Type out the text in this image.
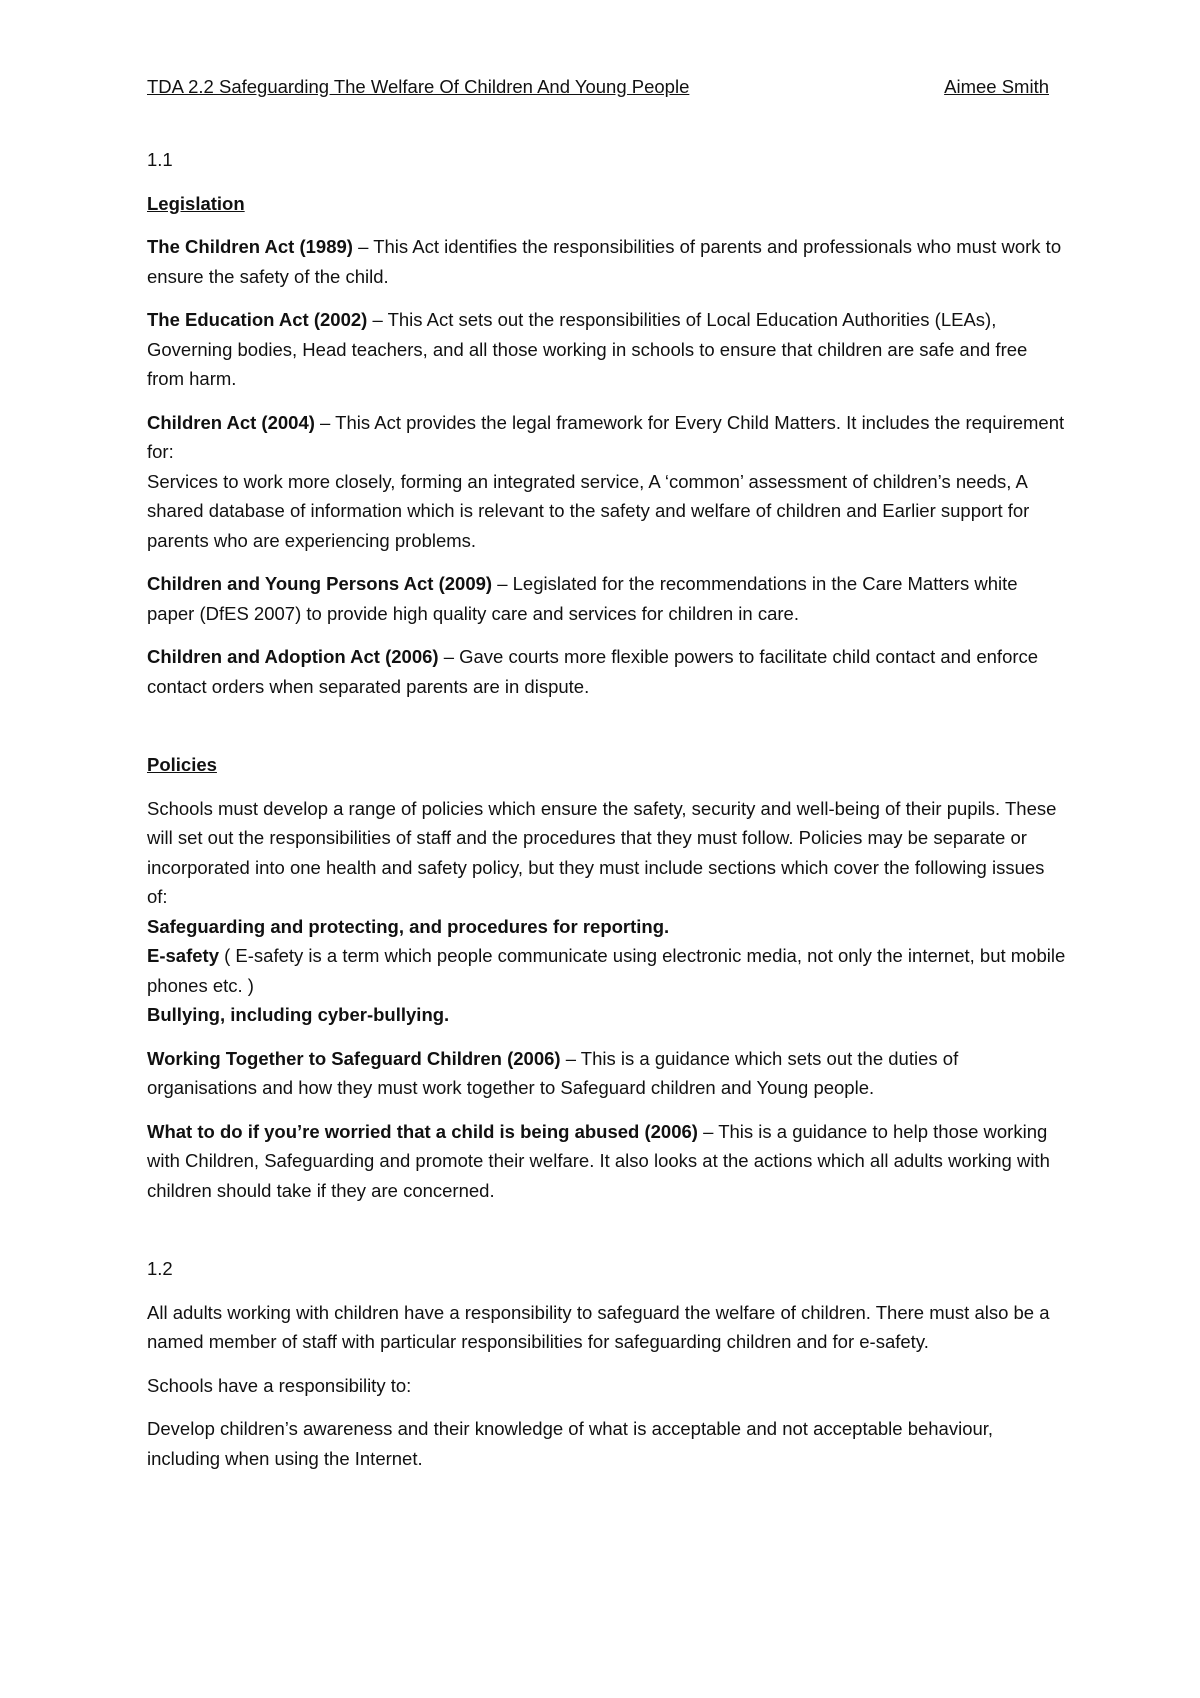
TDA 2.2 Safeguarding The Welfare Of Children And Young People	Aimee Smith

1.1

Legislation

The Children Act (1989) – This Act identifies the responsibilities of parents and professionals who must work to ensure the safety of the child.

The Education Act (2002) – This Act sets out the responsibilities of Local Education Authorities (LEAs), Governing bodies, Head teachers, and all those working in schools to ensure that children are safe and free from harm.

Children Act (2004) – This Act provides the legal framework for Every Child Matters. It includes the requirement for:
Services to work more closely, forming an integrated service, A ‘common’ assessment of children’s needs, A shared database of information which is relevant to the safety and welfare of children and Earlier support for parents who are experiencing problems.

Children and Young Persons Act (2009) – Legislated for the recommendations in the Care Matters white paper (DfES 2007) to provide high quality care and services for children in care.

Children and Adoption Act (2006) – Gave courts more flexible powers to facilitate child contact and enforce contact orders when separated parents are in dispute.

Policies

Schools must develop a range of policies which ensure the safety, security and well-being of their pupils. These will set out the responsibilities of staff and the procedures that they must follow. Policies may be separate or incorporated into one health and safety policy, but they must include sections which cover the following issues of:
Safeguarding and protecting, and procedures for reporting.
E-safety ( E-safety is a term which people communicate using electronic media, not only the internet, but mobile phones etc. )
Bullying, including cyber-bullying.

Working Together to Safeguard Children (2006) – This is a guidance which sets out the duties of organisations and how they must work together to Safeguard children and Young people.

What to do if you’re worried that a child is being abused (2006) – This is a guidance to help those working with Children, Safeguarding and promote their welfare. It also looks at the actions which all adults working with children should take if they are concerned.

1.2

All adults working with children have a responsibility to safeguard the welfare of children. There must also be a named member of staff with particular responsibilities for safeguarding children and for e-safety.

Schools have a responsibility to:

Develop children’s awareness and their knowledge of what is acceptable and not acceptable behaviour, including when using the Internet.
